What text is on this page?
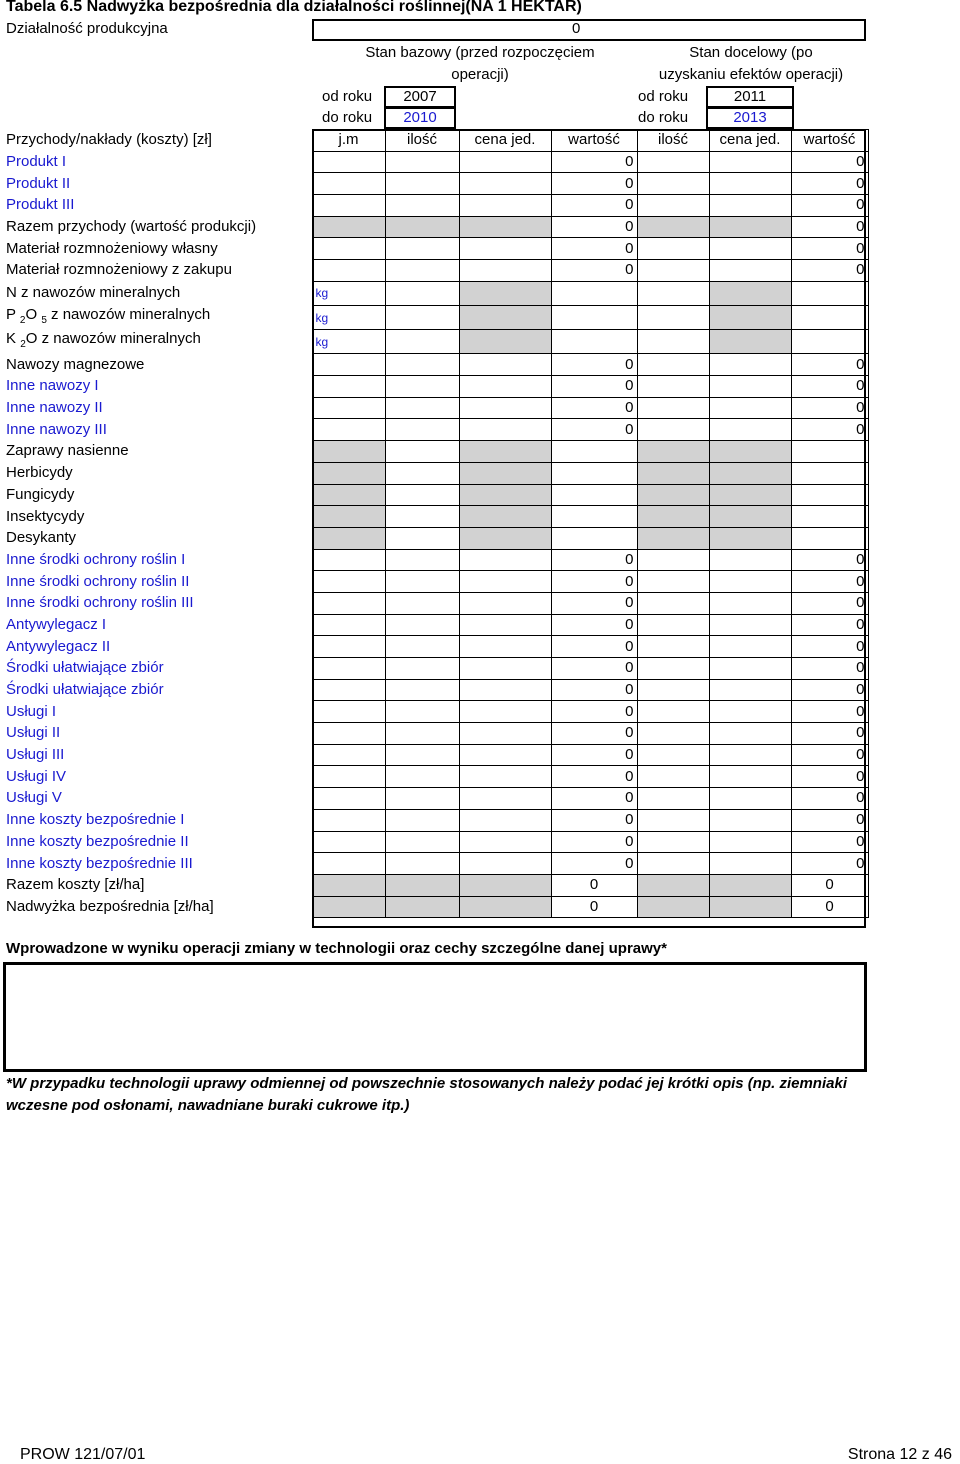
Tabela 6.5 Nadwyżka bezpośrednia dla działalności roślinnej(NA 1 HEKTAR)
Działalność produkcyjna	0
Stan bazowy (przed rozpoczęciem
operacji)
Stan docelowy (po
uzyskaniu efektów operacji)
od roku	2007
do roku	2010
od roku	2011
do roku	2013
Przychody/nakłady (koszty) [zł]	j.m	ilość	cena jed.	wartość	ilość	cena jed.	wartość
Produkt I				0			0
Produkt II				0			0
Produkt III				0			0
Razem przychody (wartość produkcji)				0			0
Materiał rozmnożeniowy własny				0			0
Materiał rozmnożeniowy z zakupu				0			0
N z nawozów mineralnych	kg						
P $_2$O $_5$ z nawozów mineralnych	kg						
K $_2$O z nawozów mineralnych	kg						
Nawozy magnezowe				0			0
Inne nawozy I				0			0
Inne nawozy II				0			0
Inne nawozy III				0			0
Zaprawy nasienne							
Herbicydy							
Fungicydy							
Insektycydy							
Desykanty							
Inne środki ochrony roślin I				0			0
Inne środki ochrony roślin II				0			0
Inne środki ochrony roślin III				0			0
Antywylegacz I				0			0
Antywylegacz II				0			0
Środki ułatwiające zbiór				0			0
Środki ułatwiające zbiór				0			0
Usługi I				0			0
Usługi II				0			0
Usługi III				0			0
Usługi IV				0			0
Usługi V				0			0
Inne koszty bezpośrednie I				0			0
Inne koszty bezpośrednie II				0			0
Inne koszty bezpośrednie III				0			0
Razem koszty [zł/ha]				0			0
Nadwyżka bezpośrednia [zł/ha]				0			0
Wprowadzone w wyniku operacji zmiany w technologii oraz cechy szczególne danej uprawy*
*W przypadku technologii uprawy odmiennej od powszechnie stosowanych należy podać jej krótki opis (np. ziemniaki wczesne pod osłonami, nawadniane buraki cukrowe itp.)
PROW 121/07/01	Strona 12 z 46
